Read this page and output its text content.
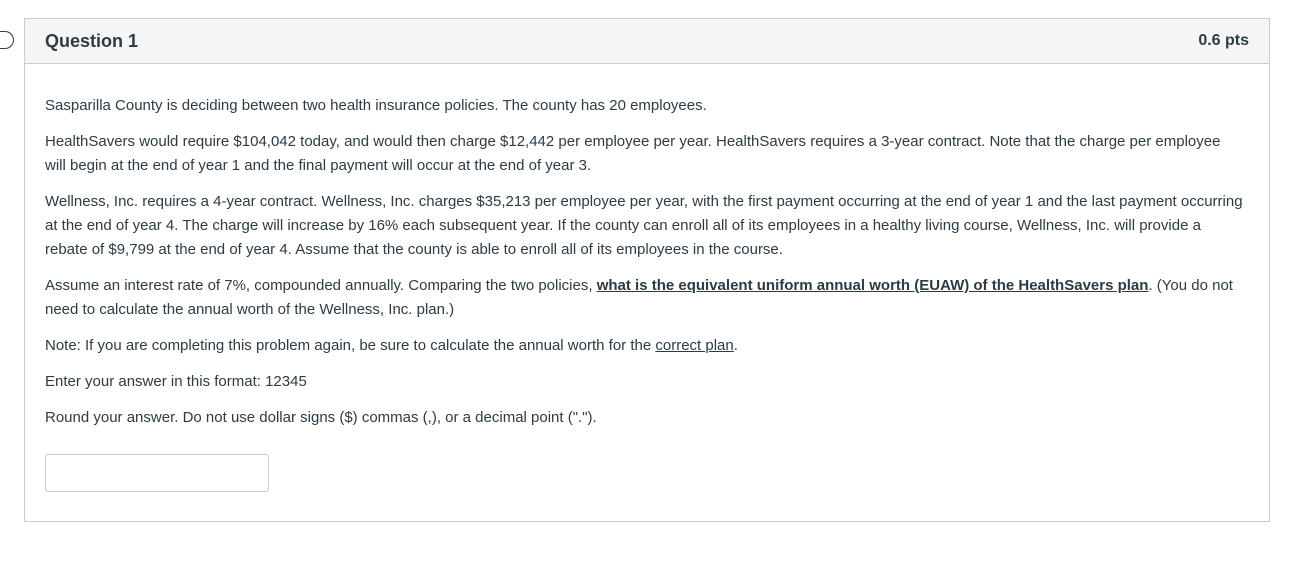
Question 1	0.6 pts

Sasparilla County is deciding between two health insurance policies. The county has 20 employees.

HealthSavers would require $104,042 today, and would then charge $12,442 per employee per year. HealthSavers requires a 3-year contract. Note that the charge per employee will begin at the end of year 1 and the final payment will occur at the end of year 3.

Wellness, Inc. requires a 4-year contract. Wellness, Inc. charges $35,213 per employee per year, with the first payment occurring at the end of year 1 and the last payment occurring at the end of year 4. The charge will increase by 16% each subsequent year. If the county can enroll all of its employees in a healthy living course, Wellness, Inc. will provide a rebate of $9,799 at the end of year 4. Assume that the county is able to enroll all of its employees in the course.

Assume an interest rate of 7%, compounded annually. Comparing the two policies, what is the equivalent uniform annual worth (EUAW) of the HealthSavers plan. (You do not need to calculate the annual worth of the Wellness, Inc. plan.)

Note: If you are completing this problem again, be sure to calculate the annual worth for the correct plan.

Enter your answer in this format: 12345

Round your answer. Do not use dollar signs ($) commas (,), or a decimal point (".").
